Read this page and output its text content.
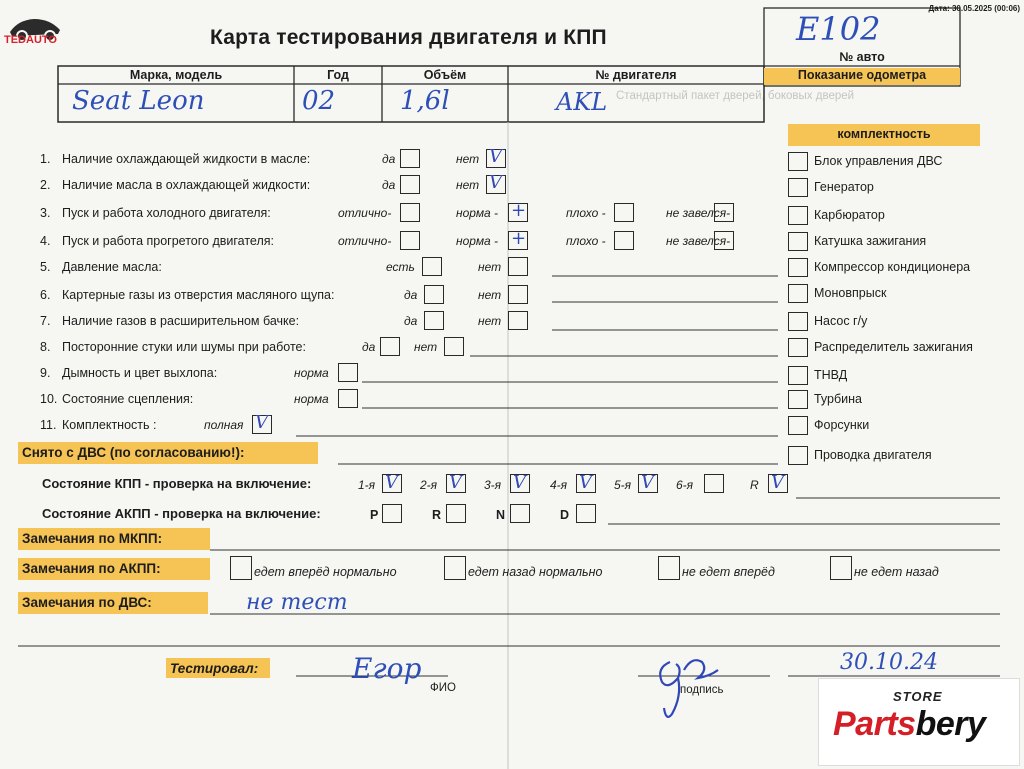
Стандартный пакет дверей, боковых дверей
TEDAUTO	Карта тестирования двигателя и КПП
Дата: 30.05.2025 (00:06)
Марка, модель	Год	Объём	№ двигателя
№ авто
Показание одометра
Seat Leon	02 1,6l	AKL
E102
комплектность
Блок управления ДВС
Генератор
Карбюратор
Катушка зажигания
Компрессор кондиционера
Моновпрыск
Насос г/у
Распределитель зажигания
ТНВД
Турбина
Форсунки
Проводка двигателя
1. Наличие охлаждающей жидкости в масле:	да	нет V
2. Наличие масла в охлаждающей жидкости:	да	нет V
3. Пуск и работа холодного двигателя:	отлично-	норма -	плохо -	не завелся-
+
4. Пуск и работа прогретого двигателя:	отлично-	норма -	плохо -	не завелся-
+
5. Давление масла:	есть	нет
6. Картерные газы из отверстия масляного щупа:	да	нет
7. Наличие газов в расширительном бачке:	да	нет
8. Посторонние стуки или шумы при работе:	да	нет
9. Дымность и цвет выхлопа:	норма
10. Состояние сцепления:	норма
11. Комплектность :	полная V
Снято с ДВС (по согласованию!):
Состояние КПП - проверка на включение:	1-я V 2-я V 3-я V 4-я V 5-я V 6-я	R V
Состояние АКПП - проверка на включение:	P	R	N	D
Замечания по МКПП:
Замечания по АКПП:	едет вперёд нормально	едет назад нормально	не едет вперёд	не едет назад
Замечания по ДВС:	не тест
Тестировал:	Егор
ФИО	подпись
30.10.24
STORE
Partsbery
